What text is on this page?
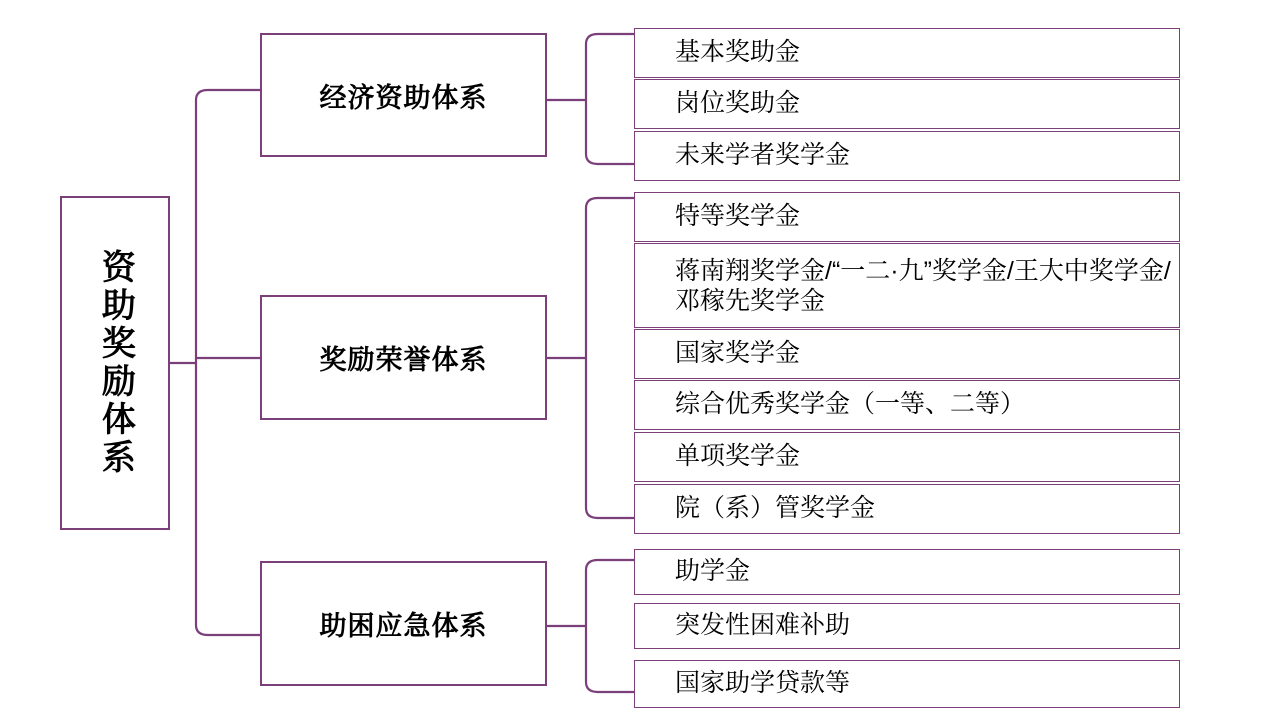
资助奖励体系
经济资助体系
奖励荣誉体系
助困应急体系
基本奖助金
岗位奖助金
未来学者奖学金
特等奖学金
蒋南翔奖学金/“一二·九”奖学金/王大中奖学金/邓稼先奖学金
国家奖学金
综合优秀奖学金（一等、二等）
单项奖学金
院（系）管奖学金
助学金
突发性困难补助
国家助学贷款等
